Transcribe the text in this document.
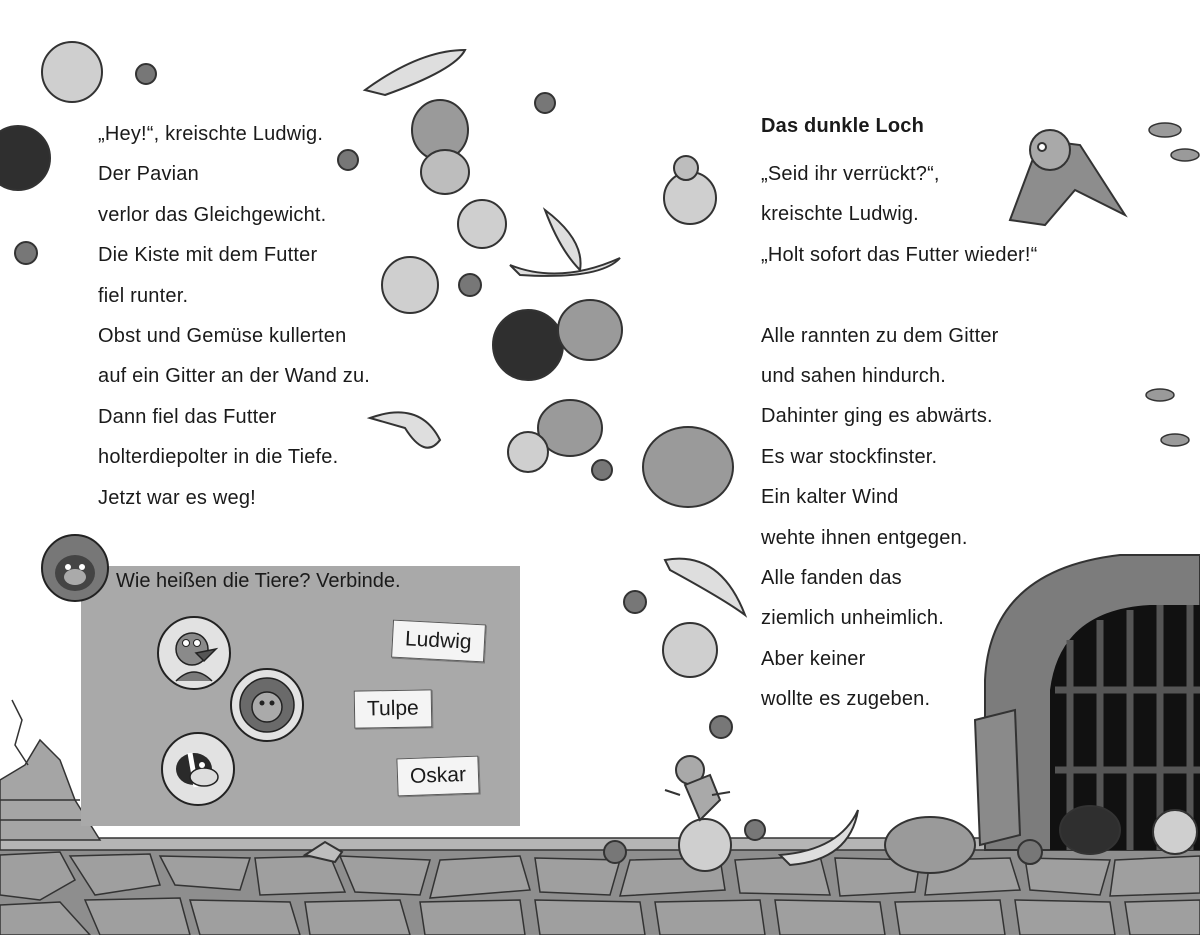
„Hey!“, kreischte Ludwig.
Der Pavian
verlor das Gleichgewicht.
Die Kiste mit dem Futter
fiel runter.
Obst und Gemüse kullerten
auf ein Gitter an der Wand zu.
Dann fiel das Futter
holterdiepolter in die Tiefe.
Jetzt war es weg!

Wie heißen die Tiere? Verbinde.

Ludwig
Tulpe
Oskar
Das dunkle Loch
„Seid ihr verrückt?“,
kreischte Ludwig.
„Holt sofort das Futter wieder!“
Alle rannten zu dem Gitter
und sahen hindurch.
Dahinter ging es abwärts.
Es war stockfinster.
Ein kalter Wind
wehte ihnen entgegen.
Alle fanden das
ziemlich unheimlich.
Aber keiner
wollte es zugeben.
